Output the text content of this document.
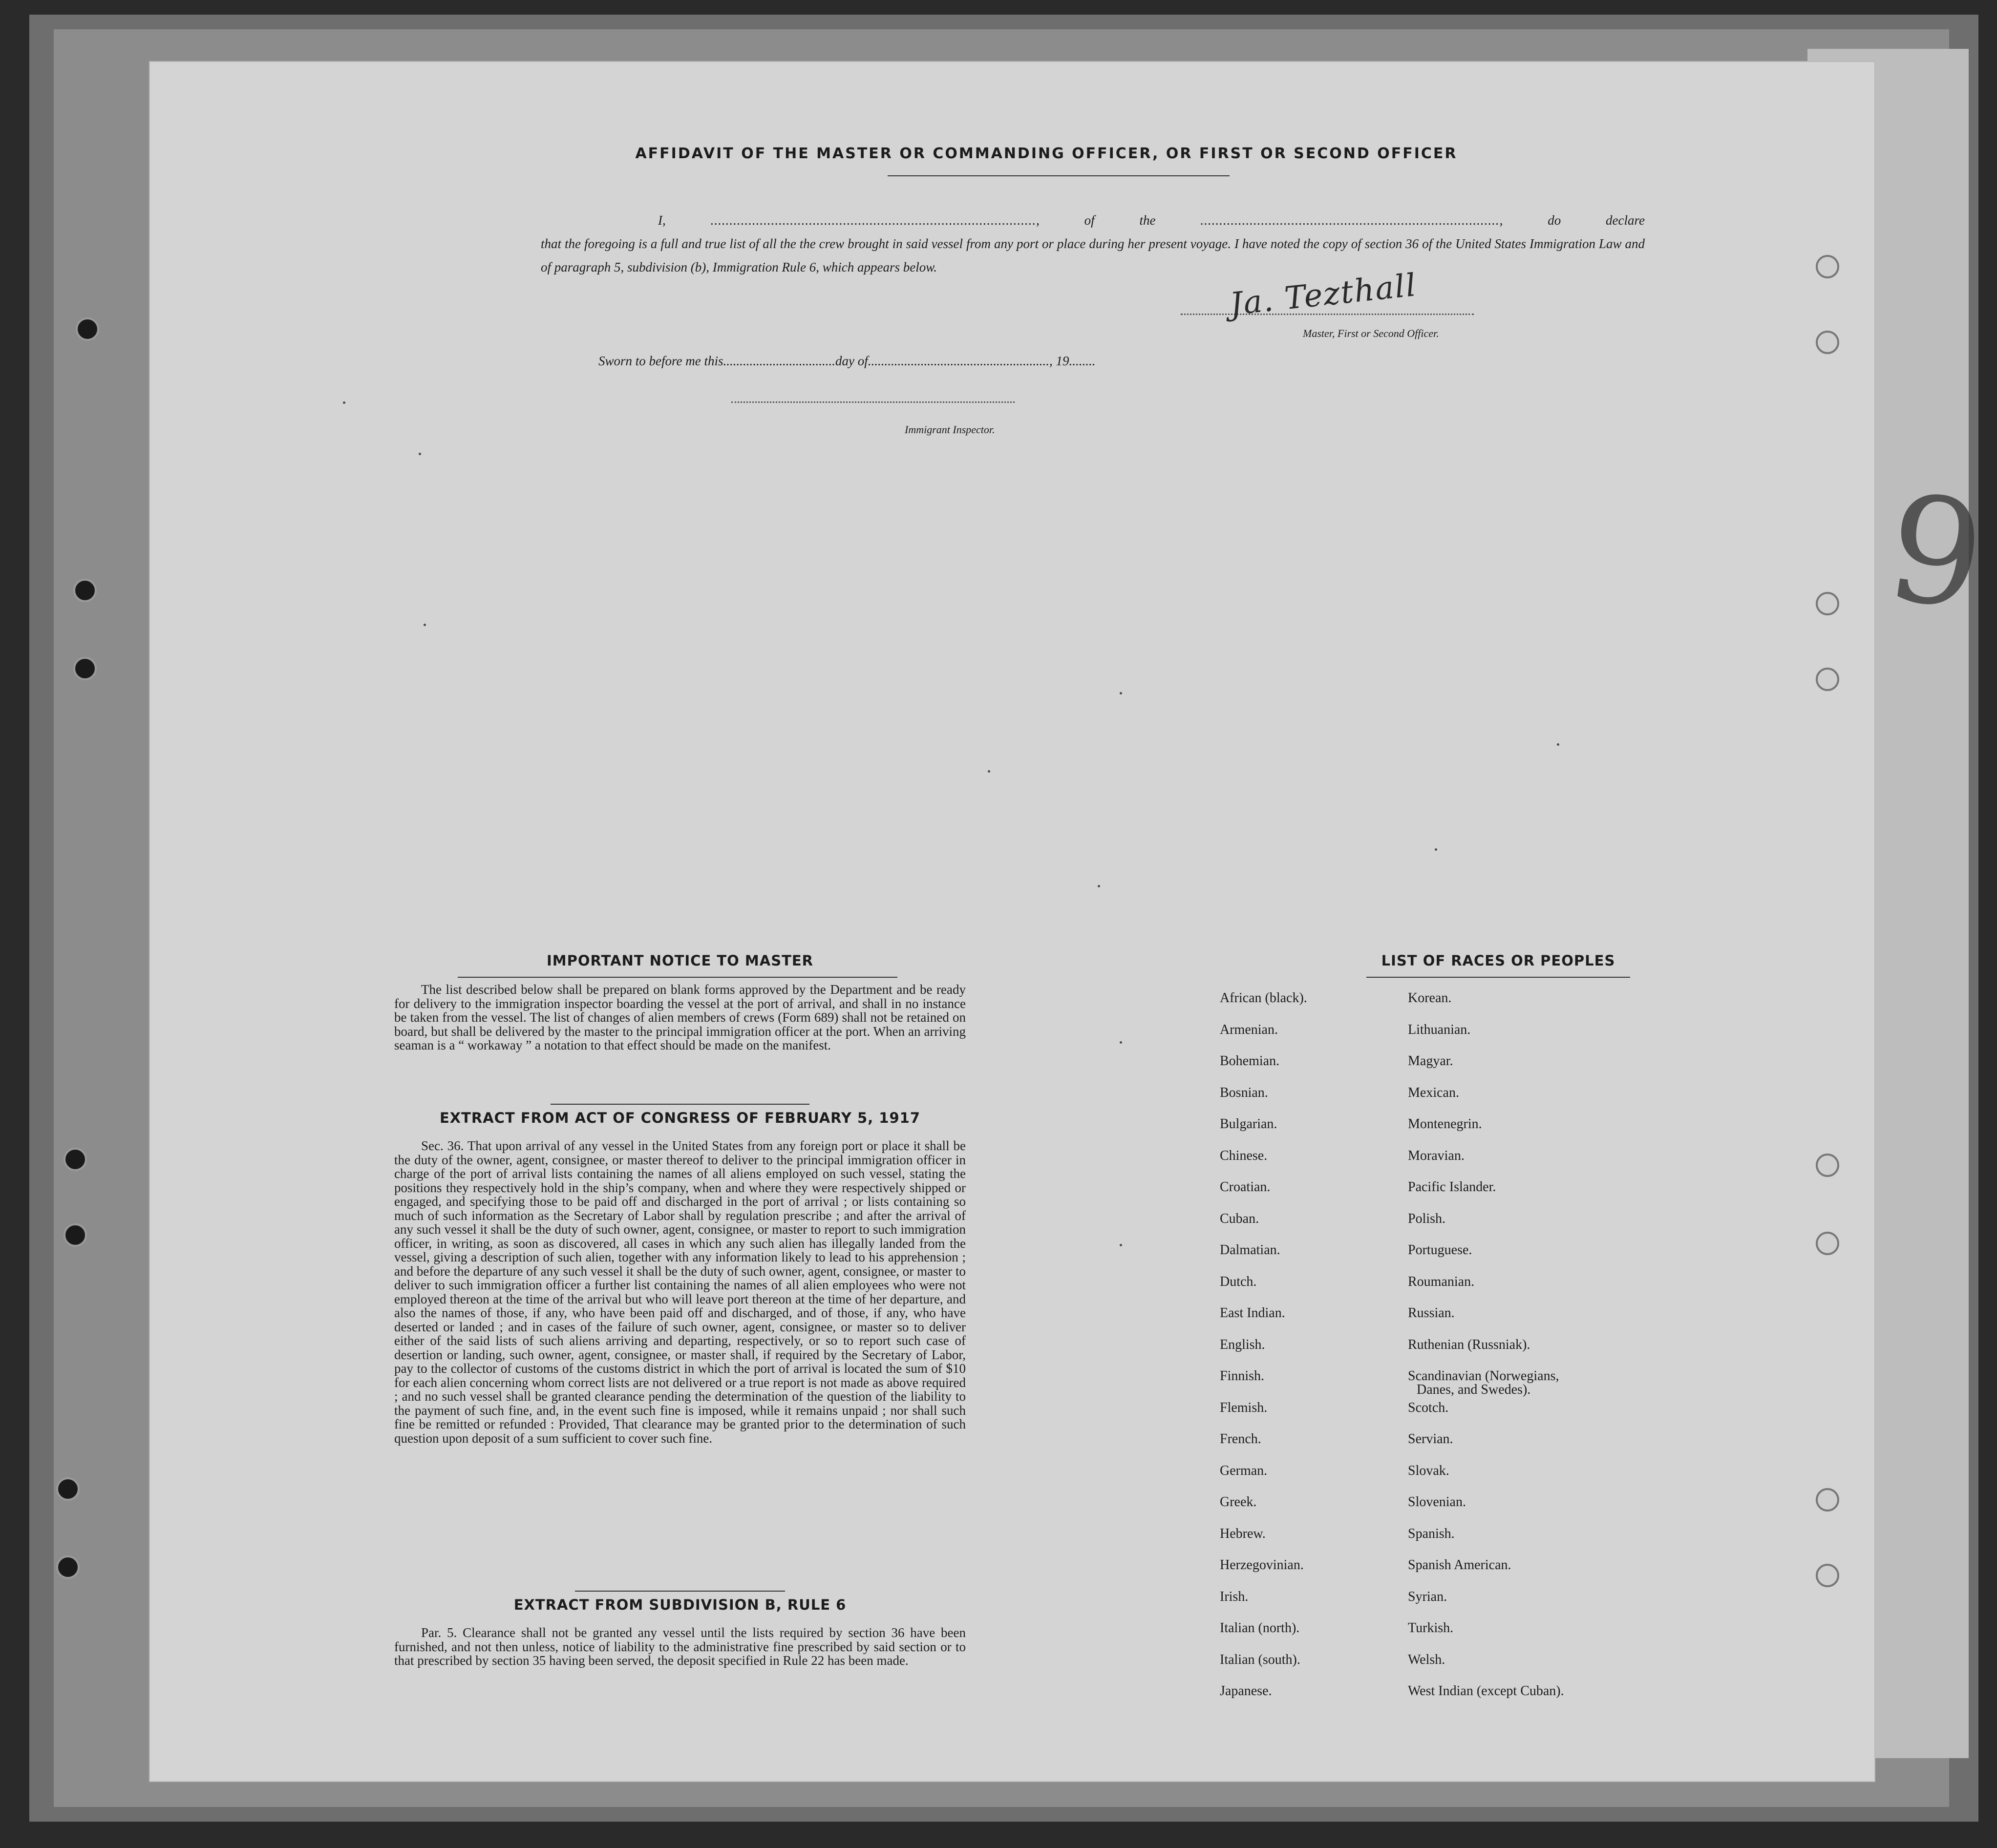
AFFIDAVIT OF THE MASTER OR COMMANDING OFFICER, OR FIRST OR SECOND OFFICER
I,	......................................................................................, of the	..............................................................................., do declare
that the foregoing is a full and true list of all the the crew brought in said vessel from any port or place during her present voyage. I have noted the copy of section 36 of the United States Immigration Law and of paragraph 5, subdivision (b), Immigration Rule 6, which appears below.
Ja. Tezthall
Master, First or Second Officer.
Sworn to before me this..................................day of......................................................., 19........
Immigrant Inspector.
9
IMPORTANT NOTICE TO MASTER
The list described below shall be prepared on blank forms approved by the Department and be ready for delivery to the immigration inspector boarding the vessel at the port of arrival, and shall in no instance be taken from the vessel. The list of changes of alien members of crews (Form 689) shall not be retained on board, but shall be delivered by the master to the principal immigration officer at the port. When an arriving seaman is a “ workaway ” a notation to that effect should be made on the manifest.
EXTRACT FROM ACT OF CONGRESS OF FEBRUARY 5, 1917
Sec. 36. That upon arrival of any vessel in the United States from any foreign port or place it shall be the duty of the owner, agent, consignee, or master thereof to deliver to the principal immigration officer in charge of the port of arrival lists containing the names of all aliens employed on such vessel, stating the positions they respectively hold in the ship’s company, when and where they were respectively shipped or engaged, and specifying those to be paid off and discharged in the port of arrival ; or lists containing so much of such information as the Secretary of Labor shall by regulation prescribe ; and after the arrival of any such vessel it shall be the duty of such owner, agent, consignee, or master to report to such immigration officer, in writing, as soon as discovered, all cases in which any such alien has illegally landed from the vessel, giving a description of such alien, together with any information likely to lead to his apprehension ; and before the departure of any such vessel it shall be the duty of such owner, agent, consignee, or master to deliver to such immigration officer a further list containing the names of all alien employees who were not employed thereon at the time of the arrival but who will leave port thereon at the time of her departure, and also the names of those, if any, who have been paid off and discharged, and of those, if any, who have deserted or landed ; and in cases of the failure of such owner, agent, consignee, or master so to deliver either of the said lists of such aliens arriving and departing, respectively, or so to report such case of desertion or landing, such owner, agent, consignee, or master shall, if required by the Secretary of Labor, pay to the collector of customs of the customs district in which the port of arrival is located the sum of $10 for each alien concerning whom correct lists are not delivered or a true report is not made as above required ; and no such vessel shall be granted clearance pending the determination of the question of the liability to the payment of such fine, and, in the event such fine is imposed, while it remains unpaid ; nor shall such fine be remitted or refunded : Provided, That clearance may be granted prior to the determination of such question upon deposit of a sum sufficient to cover such fine.
EXTRACT FROM SUBDIVISION B, RULE 6
Par. 5. Clearance shall not be granted any vessel until the lists required by section 36 have been furnished, and not then unless, notice of liability to the administrative fine prescribed by said section or to that prescribed by section 35 having been served, the deposit specified in Rule 22 has been made.
LIST OF RACES OR PEOPLES
African (black).
Armenian.
Bohemian.
Bosnian.
Bulgarian.
Chinese.
Croatian.
Cuban.
Dalmatian.
Dutch.
East Indian.
English.
Finnish.
Flemish.
French.
German.
Greek.
Hebrew.
Herzegovinian.
Irish.
Italian (north).
Italian (south).
Japanese.
Korean.
Lithuanian.
Magyar.
Mexican.
Montenegrin.
Moravian.
Pacific Islander.
Polish.
Portuguese.
Roumanian.
Russian.
Ruthenian (Russniak).
Scandinavian (Norwegians,
Danes, and Swedes).
Scotch.
Servian.
Slovak.
Slovenian.
Spanish.
Spanish American.
Syrian.
Turkish.
Welsh.
West Indian (except Cuban).
